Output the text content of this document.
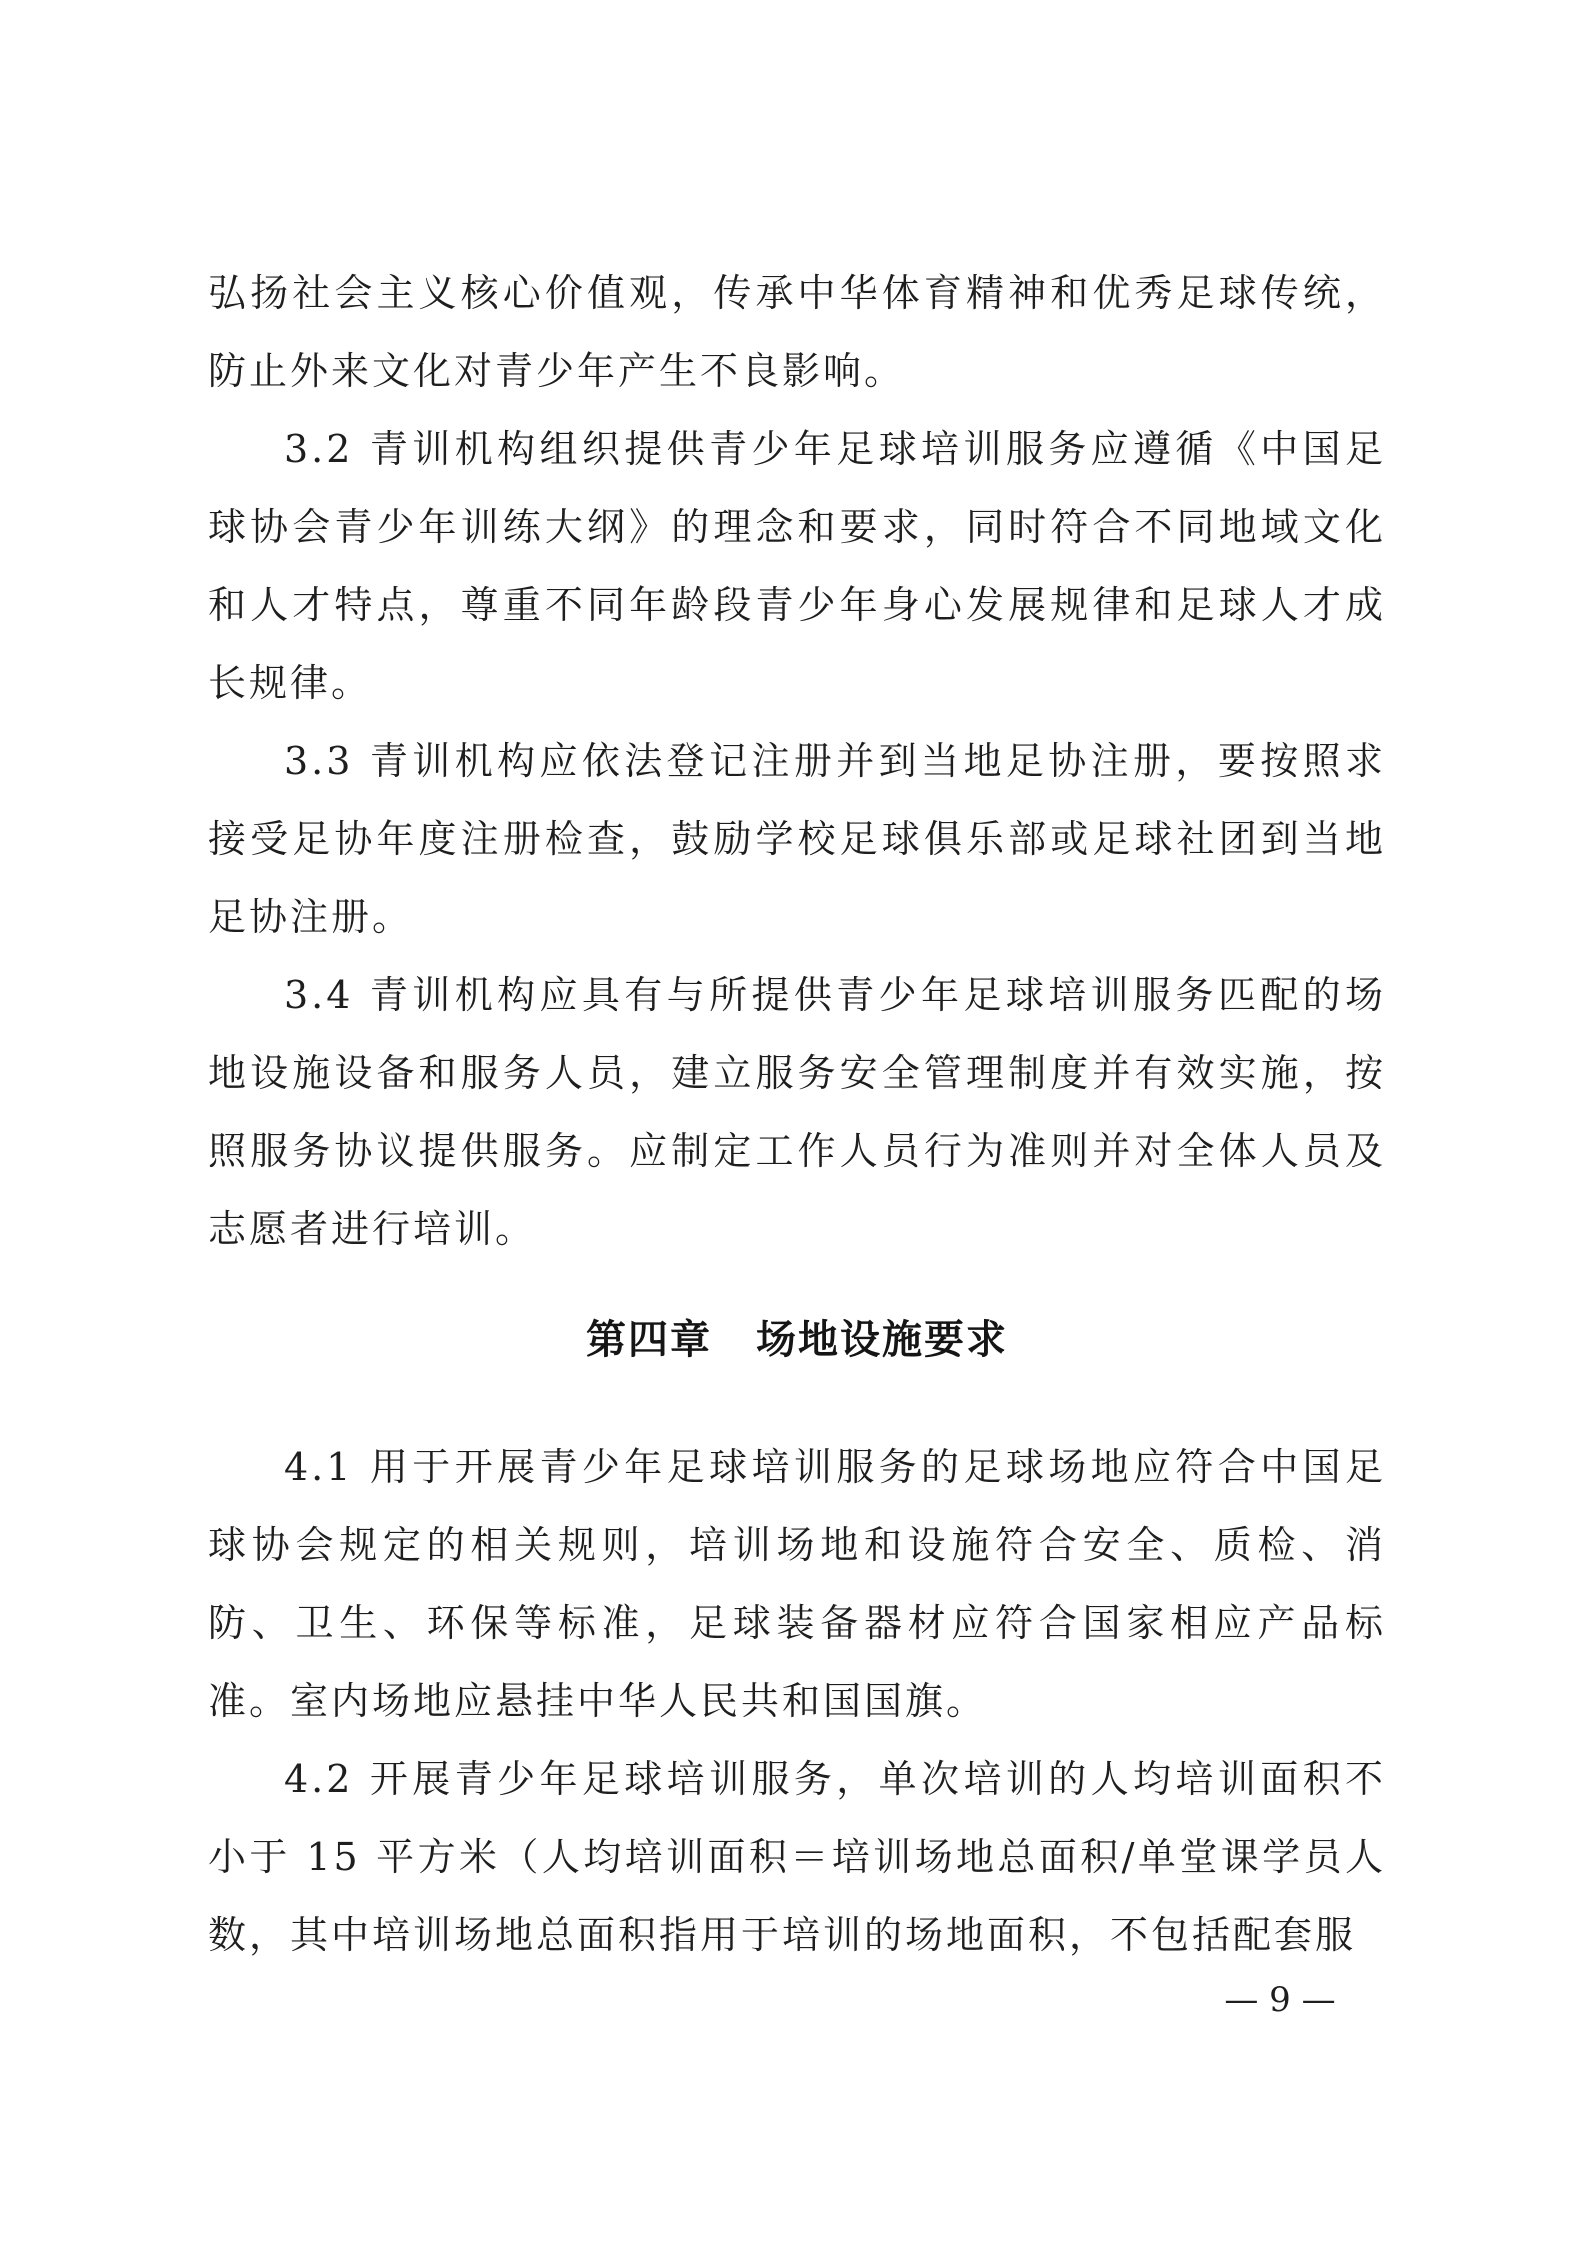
弘扬社会主义核心价值观，传承中华体育精神和优秀足球传统，防止外来文化对青少年产生不良影响。

3.2 青训机构组织提供青少年足球培训服务应遵循《中国足球协会青少年训练大纲》的理念和要求，同时符合不同地域文化和人才特点，尊重不同年龄段青少年身心发展规律和足球人才成长规律。

3.3 青训机构应依法登记注册并到当地足协注册，要按照求接受足协年度注册检查，鼓励学校足球俱乐部或足球社团到当地足协注册。

3.4 青训机构应具有与所提供青少年足球培训服务匹配的场地设施设备和服务人员，建立服务安全管理制度并有效实施，按照服务协议提供服务。应制定工作人员行为准则并对全体人员及志愿者进行培训。

第四章 场地设施要求

4.1 用于开展青少年足球培训服务的足球场地应符合中国足球协会规定的相关规则，培训场地和设施符合安全、质检、消防、卫生、环保等标准，足球装备器材应符合国家相应产品标准。室内场地应悬挂中华人民共和国国旗。

4.2 开展青少年足球培训服务，单次培训的人均培训面积不小于 15 平方米（人均培训面积＝培训场地总面积/单堂课学员人数，其中培训场地总面积指用于培训的场地面积，不包括配套服

— 9 —
